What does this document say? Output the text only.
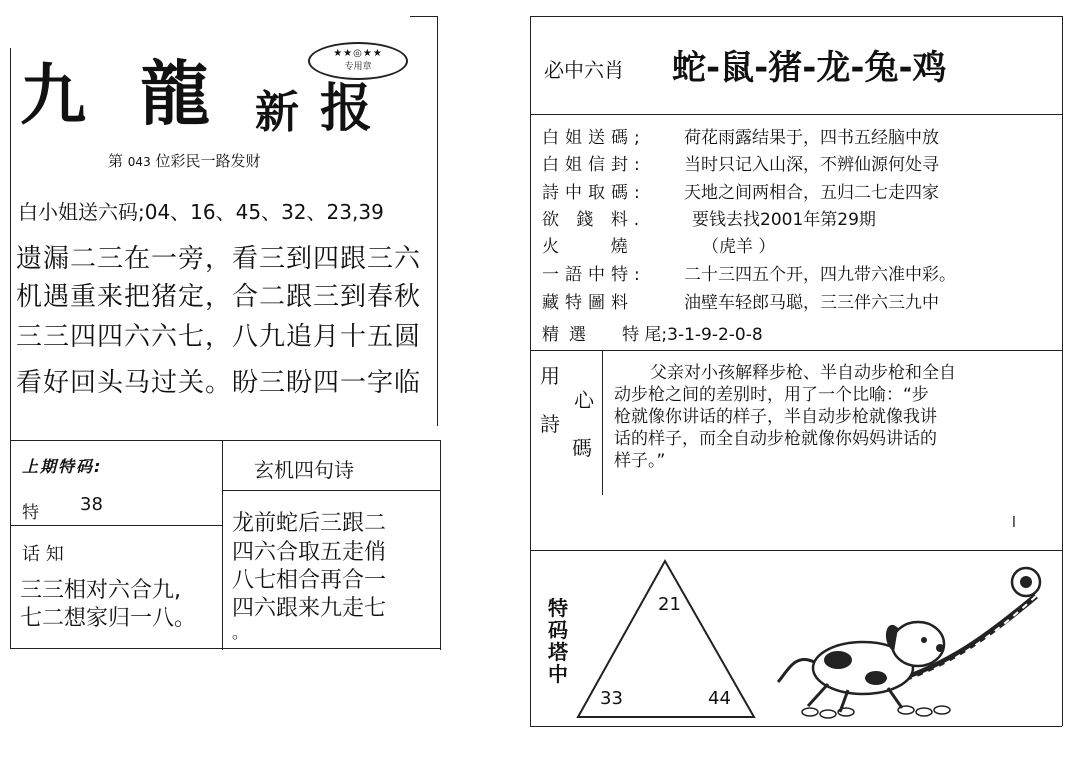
九 龍 新 报
★★◎★★
专用章
第 043 位彩民一路发财
白小姐送六码;04、16、45、32、23,39
遗漏二三在一旁，看三到四跟三六
机遇重来把猪定，合二跟三到春秋
三三四四六六七，八九追月十五圆
看好回头马过关。盼三盼四一字临
上期特码:
特 38
话 知
三三相对六合九,
七二想家归一八。
玄机四句诗
龙前蛇后三跟二
四六合取五走俏
八七相合再合一
四六跟来九走七
。
必中六肖 蛇-鼠-猪-龙-兔-鸡
白姐送碼; 荷花雨露结果于，四书五经脑中放
白姐信封: 当时只记入山深，不辨仙源何处寻
詩中取碼: 天地之间两相合，五归二七走四家
欲 錢 料.	要钱去找2001年第29期
火    燒	（虎羊 ）
一語中特: 二十三四五个开，四九带六准中彩。
藏特圖料	油壁车轻郎马聪，三三伴六三九中
精選 特 尾;3-1-9-2-0-8
用
詩
心
碼
父亲对小孩解释步枪、半自动步枪和全自
动步枪之间的差别时，用了一个比喻：“步
枪就像你讲话的样子，半自动步枪就像我讲
话的样子，而全自动步枪就像你妈妈讲话的
样子。”
l
特
码
塔
中
21
33	44
